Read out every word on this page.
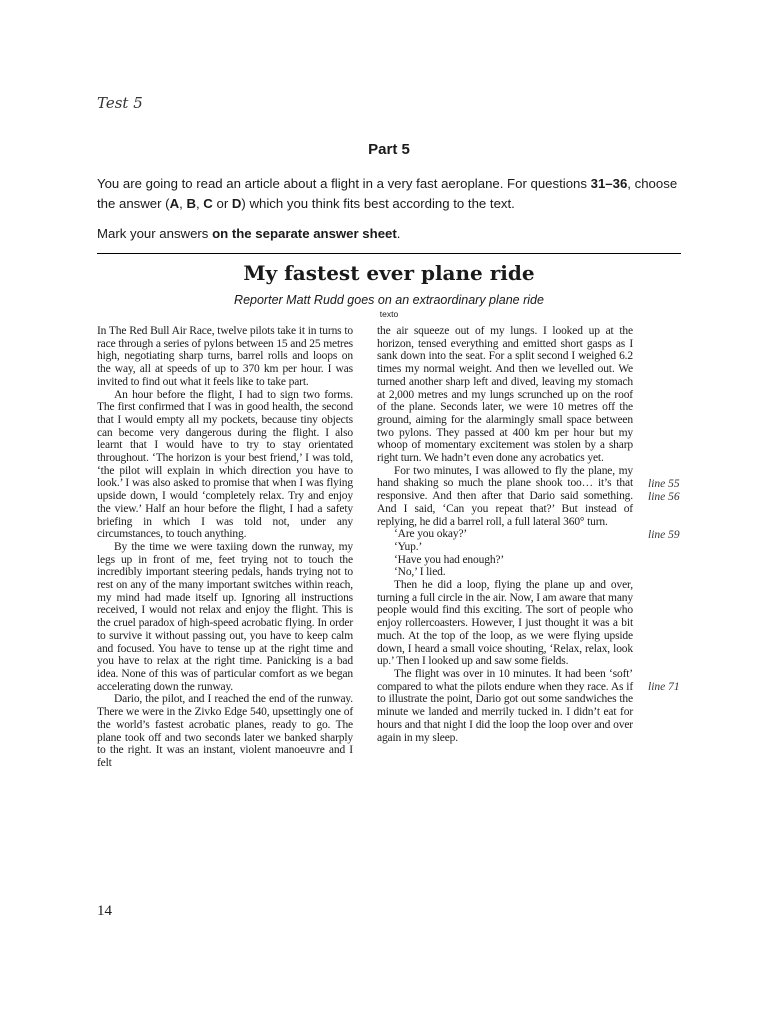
Test 5
Part 5
You are going to read an article about a flight in a very fast aeroplane. For questions 31–36, choose the answer (A, B, C or D) which you think fits best according to the text.
Mark your answers on the separate answer sheet.
My fastest ever plane ride
Reporter Matt Rudd goes on an extraordinary plane ride
texto

In The Red Bull Air Race, twelve pilots take it in turns to race through a series of pylons between 15 and 25 metres high, negotiating sharp turns, barrel rolls and loops on the way, all at speeds of up to 370 km per hour. I was invited to find out what it feels like to take part.

An hour before the flight, I had to sign two forms. The first confirmed that I was in good health, the second that I would empty all my pockets, because tiny objects can become very dangerous during the flight. I also learnt that I would have to try to stay orientated throughout. ‘The horizon is your best friend,’ I was told, ‘the pilot will explain in which direction you have to look.’ I was also asked to promise that when I was flying upside down, I would ‘completely relax. Try and enjoy the view.’ Half an hour before the flight, I had a safety briefing in which I was told not, under any circumstances, to touch anything.

By the time we were taxiing down the runway, my legs up in front of me, feet trying not to touch the incredibly important steering pedals, hands trying not to rest on any of the many important switches within reach, my mind had made itself up. Ignoring all instructions received, I would not relax and enjoy the flight. This is the cruel paradox of high-speed acrobatic flying. In order to survive it without passing out, you have to keep calm and focused. You have to tense up at the right time and you have to relax at the right time. Panicking is a bad idea. None of this was of particular comfort as we began accelerating down the runway.

Dario, the pilot, and I reached the end of the runway. There we were in the Zivko Edge 540, upsettingly one of the world’s fastest acrobatic planes, ready to go. The plane took off and two seconds later we banked sharply to the right. It was an instant, violent manoeuvre and I felt

the air squeeze out of my lungs. I looked up at the horizon, tensed everything and emitted short gasps as I sank down into the seat. For a split second I weighed 6.2 times my normal weight. And then we levelled out. We turned another sharp left and dived, leaving my stomach at 2,000 metres and my lungs scrunched up on the roof of the plane. Seconds later, we were 10 metres off the ground, aiming for the alarmingly small space between two pylons. They passed at 400 km per hour but my whoop of momentary excitement was stolen by a sharp right turn. We hadn’t even done any acrobatics yet.

For two minutes, I was allowed to fly the plane, my hand shaking so much the plane shook too… it’s that responsive. And then after that Dario said something. And I said, ‘Can you repeat that?’ But instead of replying, he did a barrel roll, a full lateral 360° turn.

‘Are you okay?’

‘Yup.’

‘Have you had enough?’

‘No,’ I lied.

Then he did a loop, flying the plane up and over, turning a full circle in the air. Now, I am aware that many people would find this exciting. The sort of people who enjoy rollercoasters. However, I just thought it was a bit much. At the top of the loop, as we were flying upside down, I heard a small voice shouting, ‘Relax, relax, look up.’ Then I looked up and saw some fields.

The flight was over in 10 minutes. It had been ‘soft’ compared to what the pilots endure when they race. As if to illustrate the point, Dario got out some sandwiches the minute we landed and merrily tucked in. I didn’t eat for hours and that night I did the loop the loop over and over again in my sleep.

line 55
line 56
line 59
line 71
14
